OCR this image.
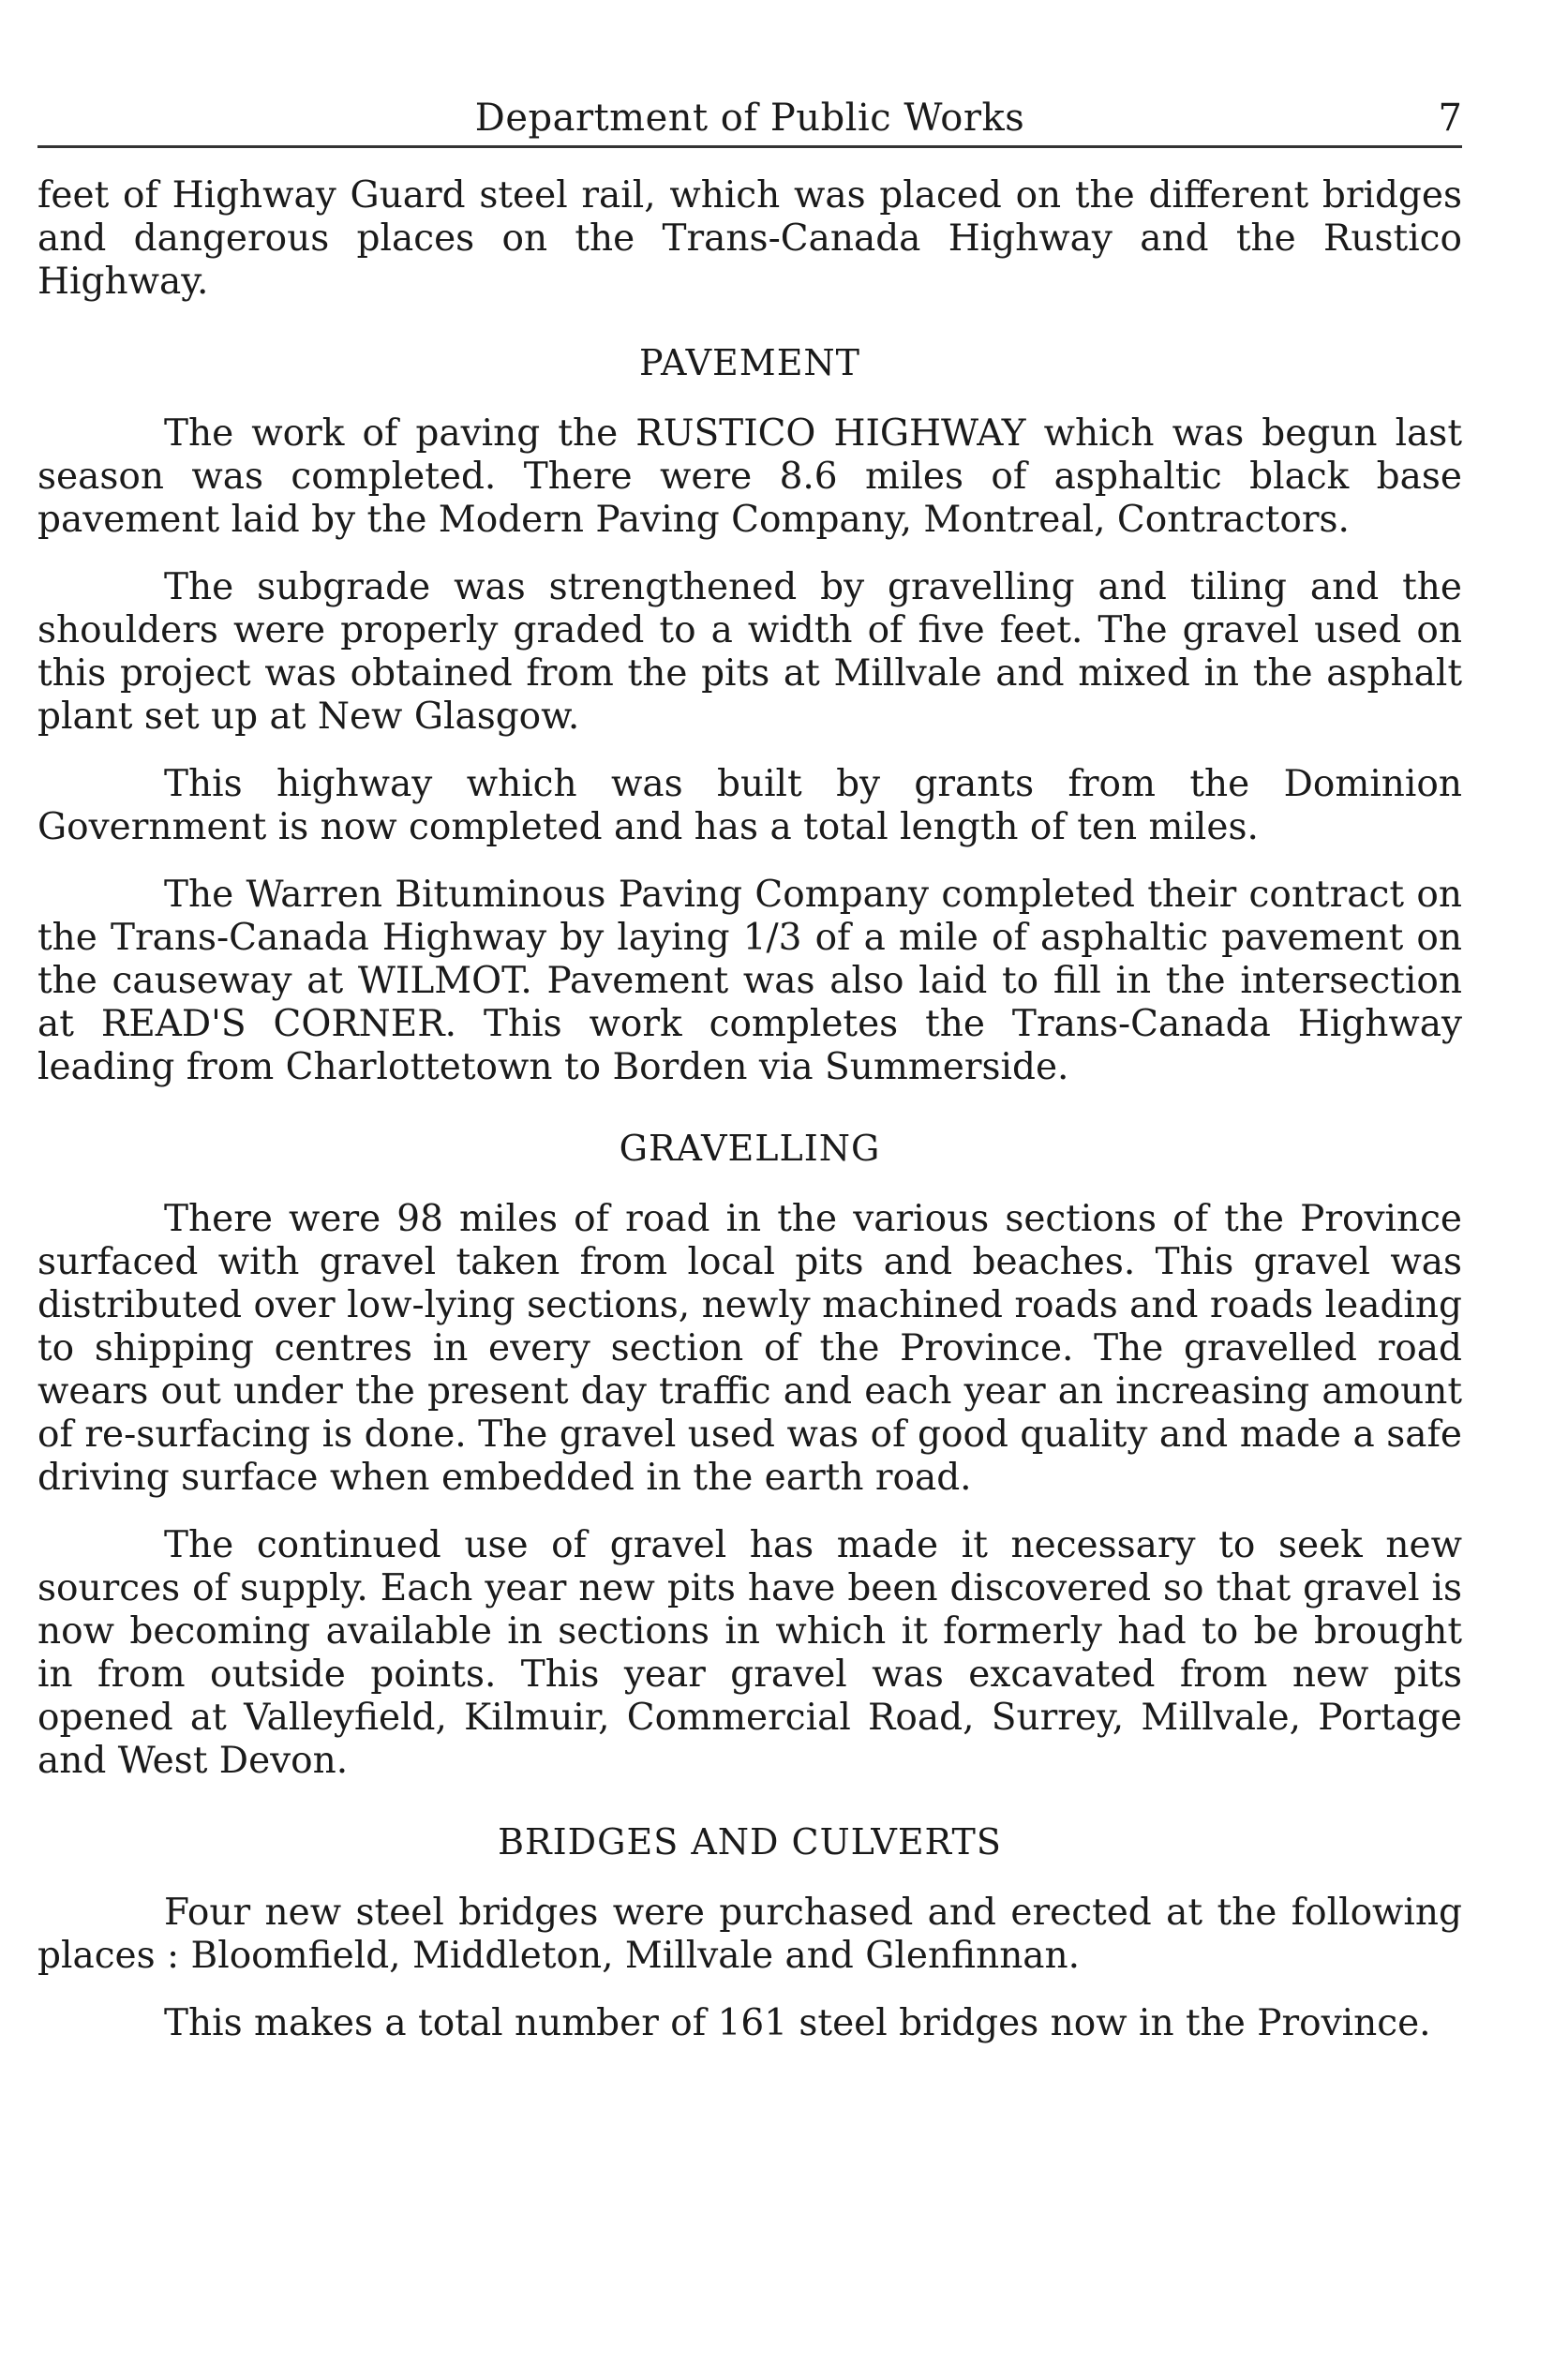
Department of Public Works	7

feet of Highway Guard steel rail, which was placed on the different bridges and dangerous places on the Trans-Canada Highway and the Rustico Highway.

PAVEMENT

The work of paving the RUSTICO HIGHWAY which was begun last season was completed. There were 8.6 miles of asphaltic black base pavement laid by the Modern Paving Company, Montreal, Contractors.

The subgrade was strengthened by gravelling and tiling and the shoulders were properly graded to a width of five feet. The gravel used on this project was obtained from the pits at Millvale and mixed in the asphalt plant set up at New Glasgow.

This highway which was built by grants from the Dominion Government is now completed and has a total length of ten miles.

The Warren Bituminous Paving Company completed their contract on the Trans-Canada Highway by laying 1/3 of a mile of asphaltic pavement on the causeway at WILMOT. Pavement was also laid to fill in the intersection at READ'S CORNER. This work completes the Trans-Canada Highway leading from Charlottetown to Borden via Summerside.

GRAVELLING

There were 98 miles of road in the various sections of the Province surfaced with gravel taken from local pits and beaches. This gravel was distributed over low-lying sections, newly machined roads and roads leading to shipping centres in every section of the Province. The gravelled road wears out under the present day traffic and each year an increasing amount of re-surfacing is done. The gravel used was of good quality and made a safe driving surface when embedded in the earth road.

The continued use of gravel has made it necessary to seek new sources of supply. Each year new pits have been discovered so that gravel is now becoming available in sections in which it formerly had to be brought in from outside points. This year gravel was excavated from new pits opened at Valleyfield, Kilmuir, Commercial Road, Surrey, Millvale, Portage and West Devon.

BRIDGES AND CULVERTS

Four new steel bridges were purchased and erected at the following places : Bloomfield, Middleton, Millvale and Glenfinnan.

This makes a total number of 161 steel bridges now in the Province.
